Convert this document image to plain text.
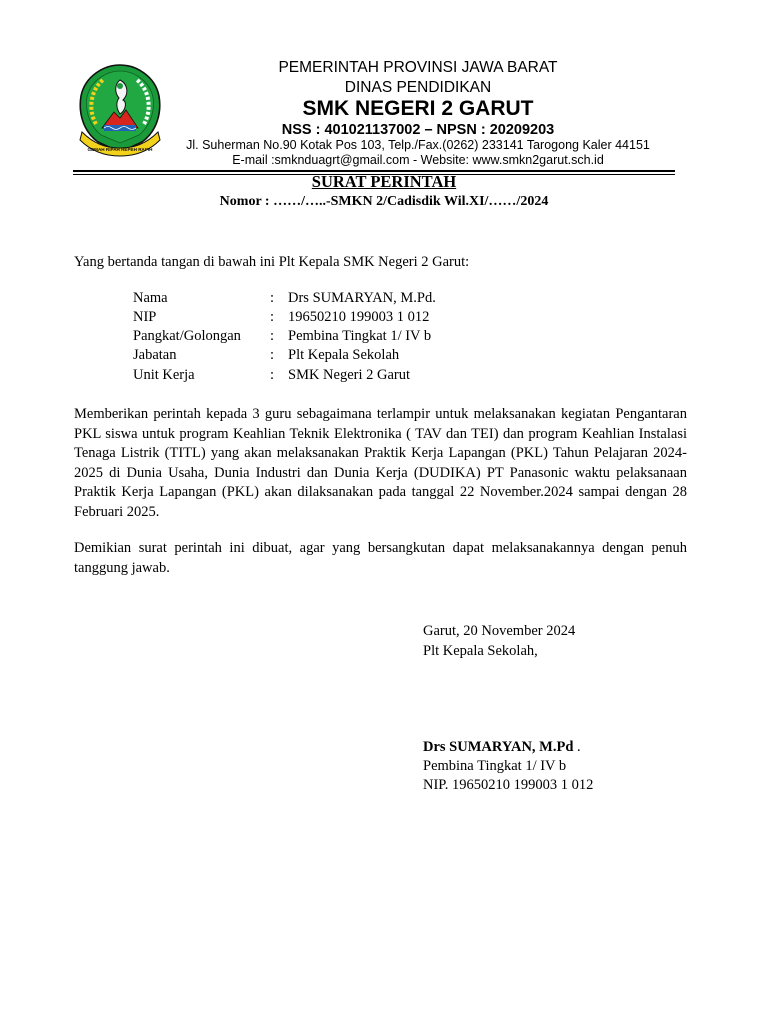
GEMAH RIPAH REPEH RAPIH
PEMERINTAH PROVINSI JAWA BARAT
DINAS PENDIDIKAN
SMK NEGERI 2 GARUT
NSS : 401021137002 – NPSN : 20209203
Jl. Suherman No.90 Kotak Pos 103, Telp./Fax.(0262) 233141 Tarogong Kaler 44151
E-mail :smknduagrt@gmail.com - Website: www.smkn2garut.sch.id
SURAT PERINTAH
Nomor : ……/…..-SMKN 2/Cadisdik Wil.XI/……/2024
Yang bertanda tangan di bawah ini Plt Kepala SMK Negeri 2 Garut:
Nama	: Drs SUMARYAN, M.Pd.
NIP	: 19650210 199003 1 012
Pangkat/Golongan : Pembina Tingkat 1/ IV b
Jabatan	: Plt Kepala Sekolah
Unit Kerja	: SMK Negeri 2 Garut
Memberikan perintah kepada 3 guru sebagaimana terlampir untuk melaksanakan kegiatan Pengantaran PKL siswa untuk program Keahlian Teknik Elektronika ( TAV dan TEI) dan program Keahlian Instalasi Tenaga Listrik (TITL) yang akan melaksanakan Praktik Kerja Lapangan (PKL) Tahun Pelajaran 2024-2025 di Dunia Usaha, Dunia Industri dan Dunia Kerja (DUDIKA) PT Panasonic waktu pelaksanaan Praktik Kerja Lapangan (PKL) akan dilaksanakan pada tanggal 22 November.2024 sampai dengan 28 Februari 2025.
Demikian surat perintah ini dibuat, agar yang bersangkutan dapat melaksanakannya dengan penuh tanggung jawab.
Garut, 20 November 2024
Plt Kepala Sekolah,
Drs SUMARYAN, M.Pd .
Pembina Tingkat 1/ IV b
NIP. 19650210 199003 1 012
